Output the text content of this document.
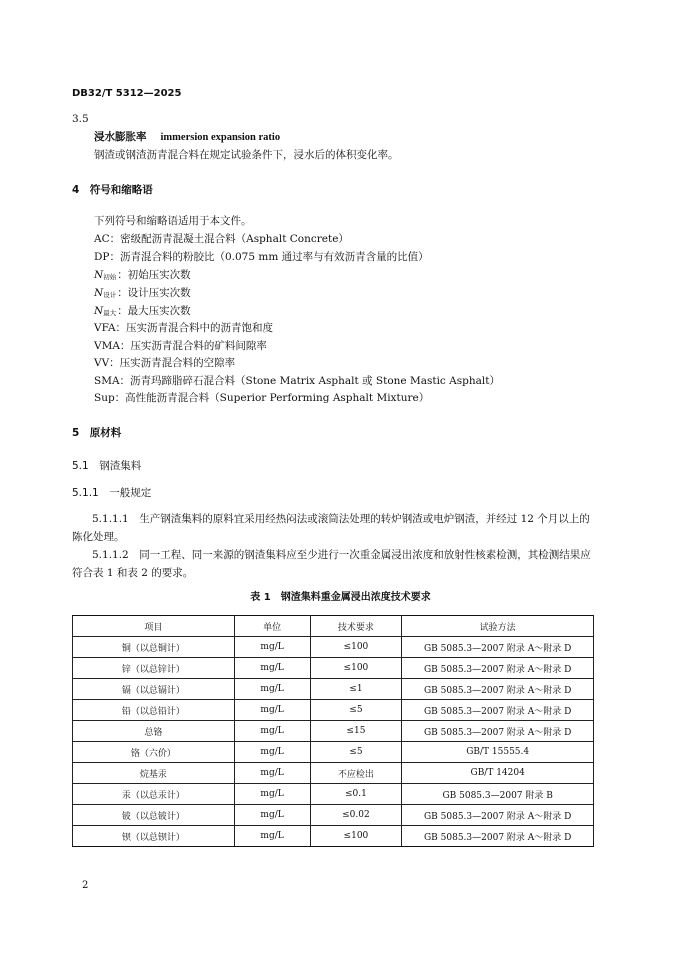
DB32/T 5312—2025
3.5
浸水膨胀率 immersion expansion ratio
钢渣或钢渣沥青混合料在规定试验条件下，浸水后的体积变化率。
4　符号和缩略语
下列符号和缩略语适用于本文件。
AC：密级配沥青混凝土混合料（Asphalt Concrete）
DP：沥青混合料的粉胶比（0.075 mm 通过率与有效沥青含量的比值）
N初始：初始压实次数
N设计：设计压实次数
N最大：最大压实次数
VFA：压实沥青混合料中的沥青饱和度
VMA：压实沥青混合料的矿料间隙率
VV：压实沥青混合料的空隙率
SMA：沥青玛蹄脂碎石混合料（Stone Matrix Asphalt 或 Stone Mastic Asphalt）
Sup：高性能沥青混合料（Superior Performing Asphalt Mixture）
5　原材料
5.1　钢渣集料
5.1.1　一般规定
5.1.1.1　生产钢渣集料的原料宜采用经热闷法或滚筒法处理的转炉钢渣或电炉钢渣，并经过 12 个月以上的陈化处理。
5.1.1.2　同一工程、同一来源的钢渣集料应至少进行一次重金属浸出浓度和放射性核素检测，其检测结果应符合表 1 和表 2 的要求。
表 1　钢渣集料重金属浸出浓度技术要求
项目	单位	技术要求	试验方法
铜（以总铜计）	mg/L	≤100	GB 5085.3—2007 附录 A～附录 D
锌（以总锌计）	mg/L	≤100	GB 5085.3—2007 附录 A～附录 D
镉（以总镉计）	mg/L	≤1	GB 5085.3—2007 附录 A～附录 D
铅（以总铅计）	mg/L	≤5	GB 5085.3—2007 附录 A～附录 D
总铬	mg/L	≤15	GB 5085.3—2007 附录 A～附录 D
铬（六价）	mg/L	≤5	GB/T 15555.4
烷基汞	mg/L	不应检出	GB/T 14204
汞（以总汞计）	mg/L	≤0.1	GB 5085.3—2007 附录 B
铍（以总铍计）	mg/L	≤0.02	GB 5085.3—2007 附录 A～附录 D
钡（以总钡计）	mg/L	≤100	GB 5085.3—2007 附录 A～附录 D
2
